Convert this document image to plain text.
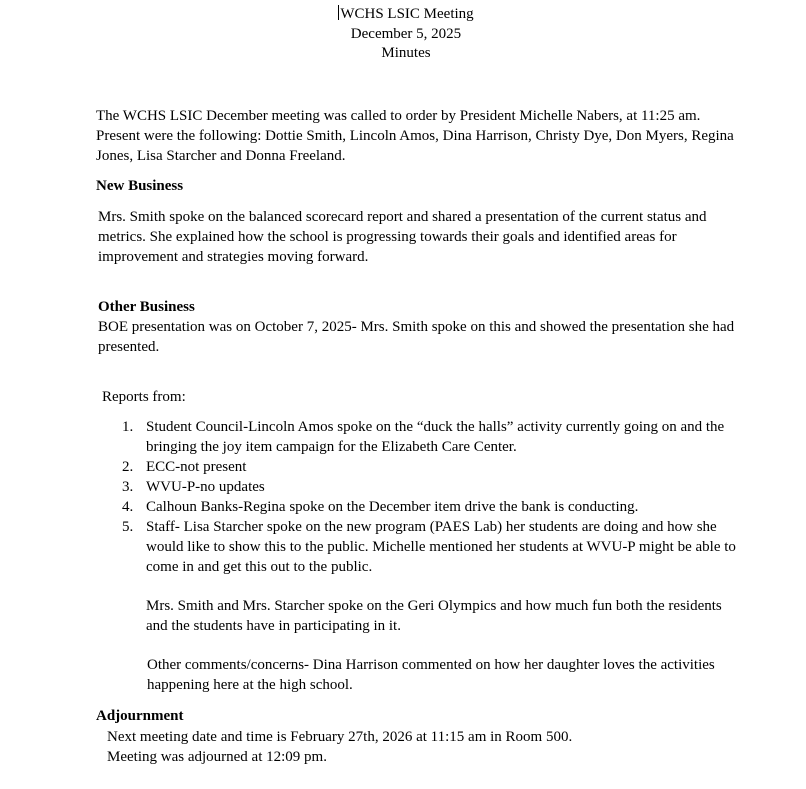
WCHS LSIC Meeting
December 5, 2025
Minutes
The WCHS LSIC December meeting was called to order by President Michelle Nabers, at 11:25 am. Present were the following: Dottie Smith, Lincoln Amos, Dina Harrison, Christy Dye, Don Myers, Regina Jones, Lisa Starcher and Donna Freeland.
New Business
Mrs. Smith spoke on the balanced scorecard report and shared a presentation of the current status and metrics. She explained how the school is progressing towards their goals and identified areas for improvement and strategies moving forward.
Other Business
BOE presentation was on October 7, 2025- Mrs. Smith spoke on this and showed the presentation she had presented.
Reports from:
1. Student Council-Lincoln Amos spoke on the “duck the halls” activity currently going on and the bringing the joy item campaign for the Elizabeth Care Center.
2. ECC-not present
3. WVU-P-no updates
4. Calhoun Banks-Regina spoke on the December item drive the bank is conducting.
5. Staff- Lisa Starcher spoke on the new program (PAES Lab) her students are doing and how she would like to show this to the public. Michelle mentioned her students at WVU-P might be able to come in and get this out to the public.
Mrs. Smith and Mrs. Starcher spoke on the Geri Olympics and how much fun both the residents and the students have in participating in it.
Other comments/concerns- Dina Harrison commented on how her daughter loves the activities happening here at the high school.
Adjournment
Next meeting date and time is February 27th, 2026 at 11:15 am in Room 500.
Meeting was adjourned at 12:09 pm.
